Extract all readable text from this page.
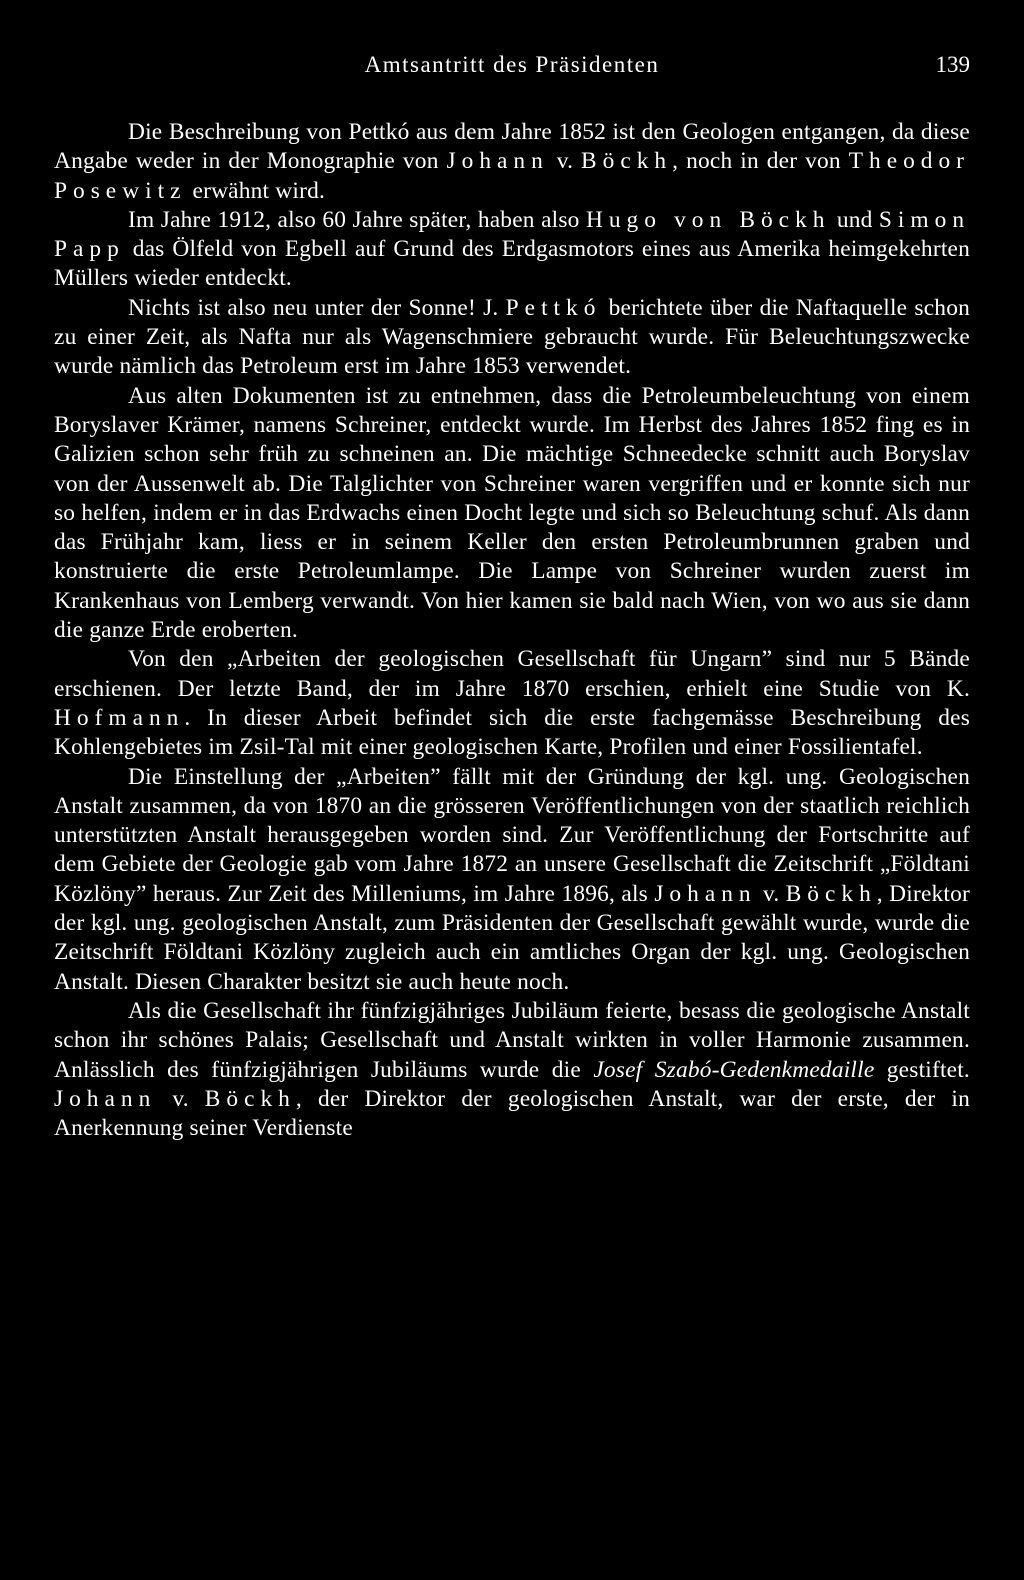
Amtsantritt des Präsidenten	139

Die Beschreibung von Pettkó aus dem Jahre 1852 ist den Geologen entgangen, da diese Angabe weder in der Monographie von Johann v. Böckh, noch in der von Theodor Posewitz erwähnt wird.

Im Jahre 1912, also 60 Jahre später, haben also Hugo von Böckh und Simon Papp das Ölfeld von Egbell auf Grund des Erdgasmotors eines aus Amerika heimgekehrten Müllers wieder entdeckt.

Nichts ist also neu unter der Sonne! J. Pettkó berichtete über die Naftaquelle schon zu einer Zeit, als Nafta nur als Wagenschmiere gebraucht wurde. Für Beleuchtungszwecke wurde nämlich das Petroleum erst im Jahre 1853 verwendet.

Aus alten Dokumenten ist zu entnehmen, dass die Petroleumbeleuchtung von einem Boryslaver Krämer, namens Schreiner, entdeckt wurde. Im Herbst des Jahres 1852 fing es in Galizien schon sehr früh zu schneinen an. Die mächtige Schneedecke schnitt auch Boryslav von der Aussenwelt ab. Die Talglichter von Schreiner waren vergriffen und er konnte sich nur so helfen, indem er in das Erdwachs einen Docht legte und sich so Beleuchtung schuf. Als dann das Frühjahr kam, liess er in seinem Keller den ersten Petroleumbrunnen graben und konstruierte die erste Petroleumlampe. Die Lampe von Schreiner wurden zuerst im Krankenhaus von Lemberg verwandt. Von hier kamen sie bald nach Wien, von wo aus sie dann die ganze Erde eroberten.

Von den „Arbeiten der geologischen Gesellschaft für Ungarn” sind nur 5 Bände erschienen. Der letzte Band, der im Jahre 1870 erschien, erhielt eine Studie von K. Hofmann. In dieser Arbeit befindet sich die erste fachgemässe Beschreibung des Kohlengebietes im Zsil-Tal mit einer geologischen Karte, Profilen und einer Fossilientafel.

Die Einstellung der „Arbeiten” fällt mit der Gründung der kgl. ung. Geologischen Anstalt zusammen, da von 1870 an die grösseren Veröffentlichungen von der staatlich reichlich unterstützten Anstalt herausgegeben worden sind. Zur Veröffentlichung der Fortschritte auf dem Gebiete der Geologie gab vom Jahre 1872 an unsere Gesellschaft die Zeitschrift „Földtani Közlöny” heraus. Zur Zeit des Milleniums, im Jahre 1896, als Johann v. Böckh, Direktor der kgl. ung. geologischen Anstalt, zum Präsidenten der Gesellschaft gewählt wurde, wurde die Zeitschrift Földtani Közlöny zugleich auch ein amtliches Organ der kgl. ung. Geologischen Anstalt. Diesen Charakter besitzt sie auch heute noch.

Als die Gesellschaft ihr fünfzigjähriges Jubiläum feierte, besass die geologische Anstalt schon ihr schönes Palais; Gesellschaft und Anstalt wirkten in voller Harmonie zusammen. Anlässlich des fünfzigjährigen Jubiläums wurde die Josef Szabó-Gedenkmedaille gestiftet. Johann v. Böckh, der Direktor der geologischen Anstalt, war der erste, der in Anerkennung seiner Verdienste
